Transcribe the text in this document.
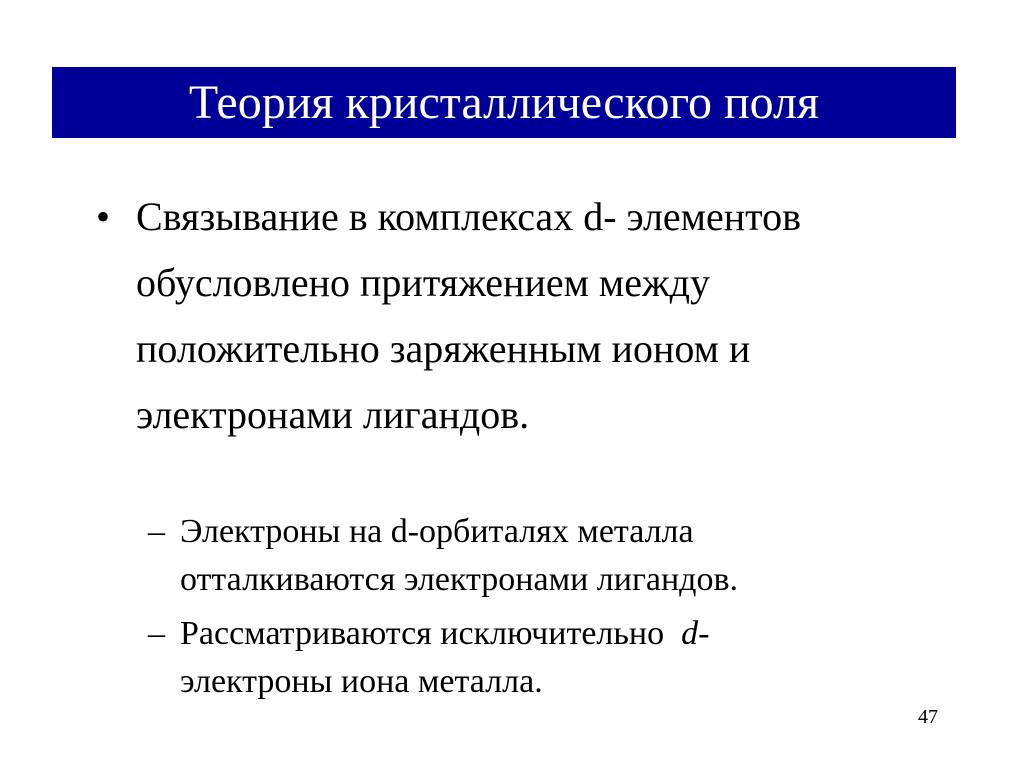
Теория кристаллического поля
• Связывание в комплексах d- элементов
обусловлено притяжением между
положительно заряженным ионом и
электронами лигандов.
– Электроны на d-орбиталях металла
отталкиваются электронами лигандов.
– Рассматриваются исключительно  d-
электроны иона металла.
47
